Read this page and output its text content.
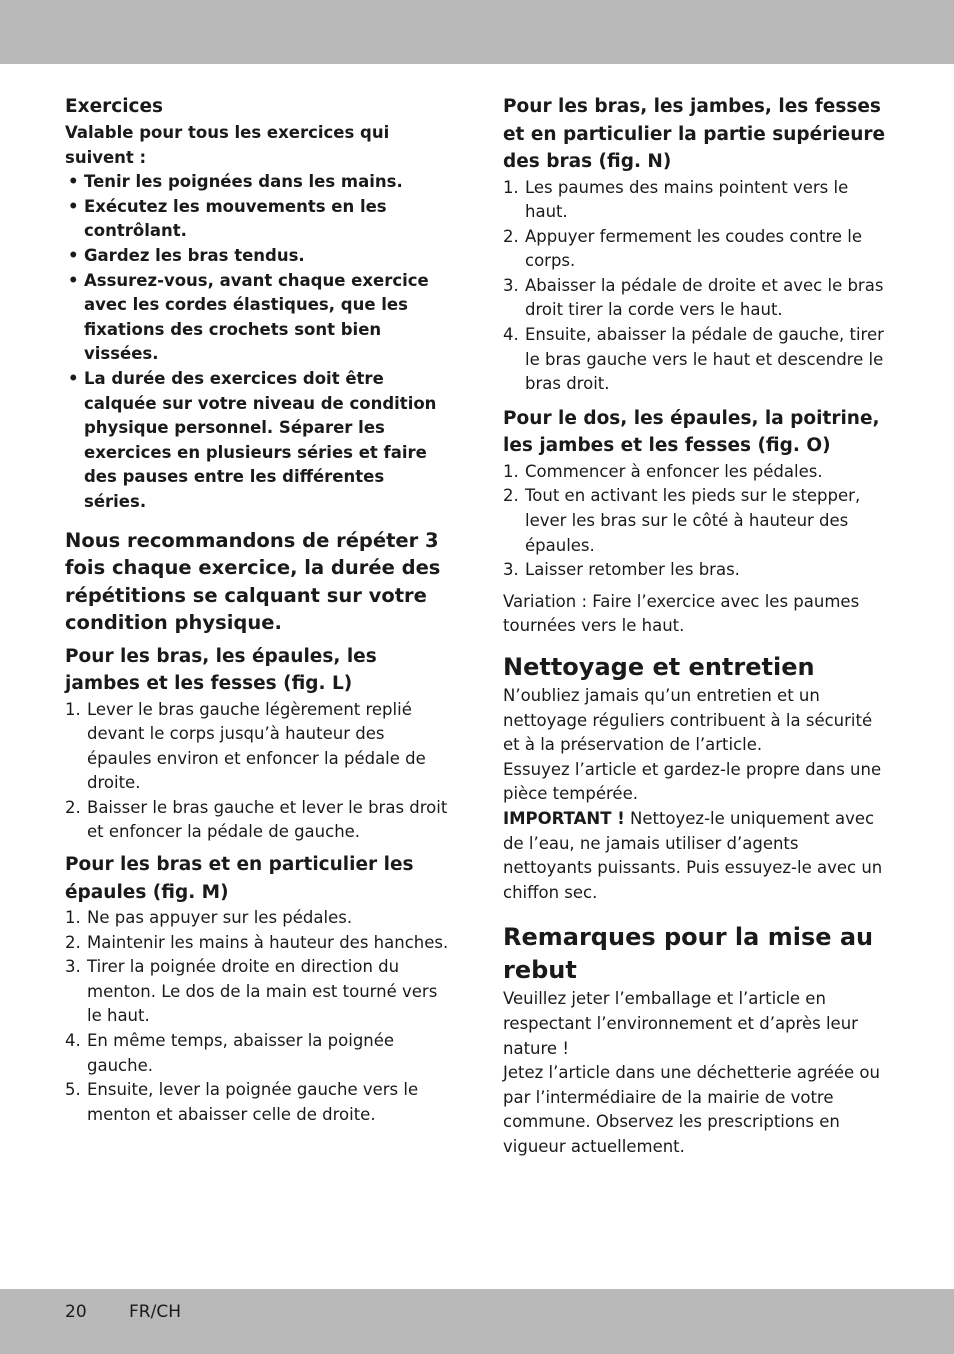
Exercices

Valable pour tous les exercices qui suivent :

• Tenir les poignées dans les mains.
• Exécutez les mouvements en les contrôlant.
• Gardez les bras tendus.
• Assurez-vous, avant chaque exercice avec les cordes élastiques, que les fixations des crochets sont bien vissées.
• La durée des exercices doit être calquée sur votre niveau de condition physique personnel. Séparer les exercices en plusieurs séries et faire des pauses entre les différentes séries.

Nous recommandons de répéter 3 fois chaque exercice, la durée des répétitions se calquant sur votre condition physique.

Pour les bras, les épaules, les jambes et les fesses (fig. L)

1. Lever le bras gauche légèrement replié devant le corps jusqu’à hauteur des épaules environ et enfoncer la pédale de droite.
2. Baisser le bras gauche et lever le bras droit et enfoncer la pédale de gauche.

Pour les bras et en particulier les épaules (fig. M)

1. Ne pas appuyer sur les pédales.
2. Maintenir les mains à hauteur des hanches.
3. Tirer la poignée droite en direction du menton. Le dos de la main est tourné vers le haut.
4. En même temps, abaisser la poignée gauche.
5. Ensuite, lever la poignée gauche vers le menton et abaisser celle de droite.

Pour les bras, les jambes, les fesses et en particulier la partie supérieure des bras (fig. N)

1. Les paumes des mains pointent vers le haut.
2. Appuyer fermement les coudes contre le corps.
3. Abaisser la pédale de droite et avec le bras droit tirer la corde vers le haut.
4. Ensuite, abaisser la pédale de gauche, tirer le bras gauche vers le haut et descendre le bras droit.

Pour le dos, les épaules, la poitrine, les jambes et les fesses (fig. O)

1. Commencer à enfoncer les pédales.
2. Tout en activant les pieds sur le stepper, lever les bras sur le côté à hauteur des épaules.
3. Laisser retomber les bras.

Variation : Faire l’exercice avec les paumes tournées vers le haut.

Nettoyage et entretien

N’oubliez jamais qu’un entretien et un nettoyage réguliers contribuent à la sécurité et à la préservation de l’article.

Essuyez l’article et gardez-le propre dans une pièce tempérée.

IMPORTANT ! Nettoyez-le uniquement avec de l’eau, ne jamais utiliser d’agents nettoyants puissants. Puis essuyez-le avec un chiffon sec.

Remarques pour la mise au rebut

Veuillez jeter l’emballage et l’article en respectant l’environnement et d’après leur nature !

Jetez l’article dans une déchetterie agréée ou par l’intermédiaire de la mairie de votre commune. Observez les prescriptions en vigueur actuellement.

20 FR/CH
